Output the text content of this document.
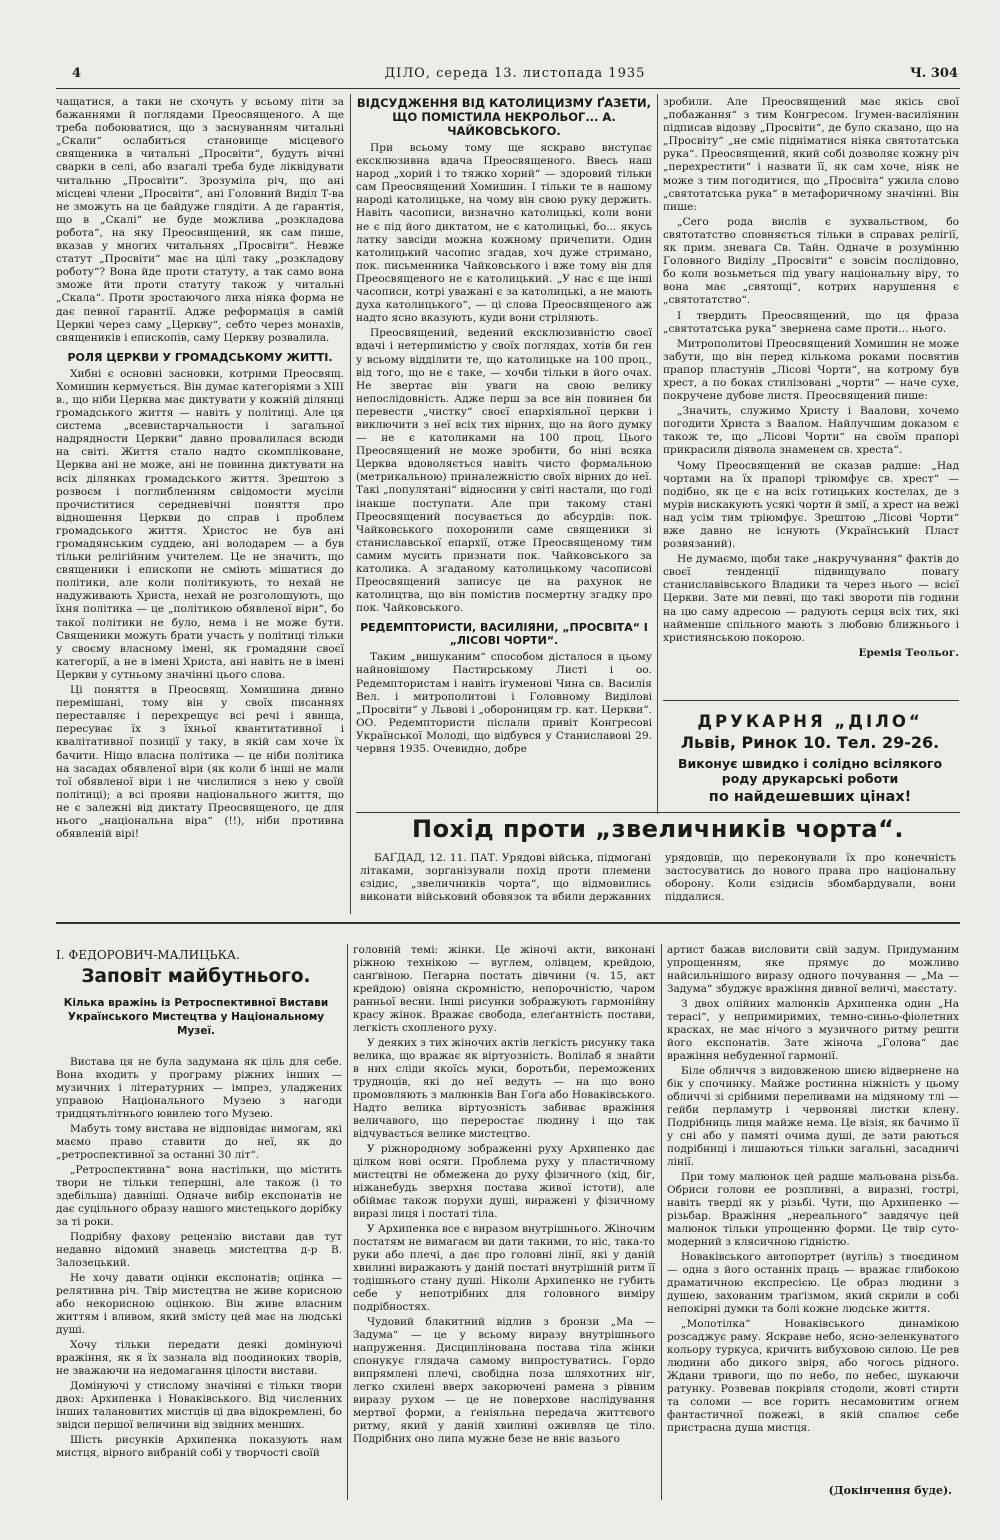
4	ДІЛО, середа 13. листопада 1935	Ч. 304

чащатися, а таки не схочуть у всьому піти за бажаннями й поглядами Преосвященого. А ще треба побоюватися, що з заснуванням читальні „Скали“ ослабиться становище місцевого священика в читальні „Просвіти“, будуть вічні сварки в селі, або взагалі треба буде ліквідувати читальню „Просвіти“. Зрозуміла річ, що ані місцеві члени „Просвіти“, ані Головний Виділ Т-ва не зможуть на це байдуже глядіти. А де ґарантія, що в „Скалі“ не буде можлива „розкладова робота“, на яку Преосвящений, як сам пише, вказав у многих читальнях „Просвіти“. Невже статут „Просвіти“ має на цілі таку „розкладову роботу“? Вона йде проти статуту, а так само вона зможе йти проти статуту також у читальні „Скала“. Проти зростаючого лиха ніяка форма не дає певної ґарантії. Адже реформація в самій Церкві через саму „Церкву“, себто через монахів, священиків і епископів, саму Церкву розвалила.

РОЛЯ ЦЕРКВИ У ГРОМАДСЬКОМУ ЖИТТІ.

Хибні є основні засновки, котрими Преосвящ. Хомишин кермується. Він думає категоріями з XIII в., що ніби Церква має диктувати у кожній ділянці громадського життя — навіть у політиці. Але ця система „всевистарчальности і загальної надрядности Церкви“ давно провалилася всюди на світі. Життя стало надто скомпліковане, Церква ані не може, ані не повинна диктувати на всіх ділянках громадського життя. Зрештою з розвоєм і поглибленням свідомости мусіли прочиститися середневічні поняття про відношення Церкви до справ і проблем громадського життя. Христос не був ані громадянським суддею, ані володарем — а був тільки релігійним учителем. Це не значить, що священики і епископи не сміють мішатися до політики, але коли політикують, то нехай не надуживають Христа, нехай не розголошують, що їхня політика — це „політикою обявленої віри“, бо такої політики не було, нема і не може бути. Священики можуть брати участь у політиці тільки у своєму власному імені, як громадяни своєї категорії, а не в імені Христа, ані навіть не в імені Церкви у сутньому значінні цього слова.

Ці поняття в Преосвящ. Хомишина дивно перемішані, тому він у своїх писаннях переставляє і перехрещує всі речі і явища, пересуває їх з їхньої квантитативної і квалітативної позиції у таку, в якій сам хоче їх бачити. Ніщо власна політика — це ніби політика на засадах обявленої віри (як коли б інші не мали тої обявленої віри і не числилися з нею у своїй політиці); а всі прояви національного життя, що не є залежні від диктату Преосвященого, це для нього „національна віра“ (!!), ніби противна обявленій вірі!

ВІДСУДЖЕННЯ ВІД КАТОЛИЦИЗМУ ҐАЗЕТИ, ЩО ПОМІСТИЛА НЕКРОЛЬОГ... А. ЧАЙКОВСЬКОГО.

При всьому тому ще яскраво виступає ексклюзивна вдача Преосвященого. Ввесь наш народ „хорий і то тяжко хорий“ — здоровий тільки сам Преосвящений Хомишин. І тільки те в нашому народі католицьке, на чому він свою руку держить. Навіть часописи, визначно католицькі, коли вони не є під його диктатом, не є католицькі, бо... якусь латку завсіди можна кожному причепити. Один католицький часопис згадав, хоч дуже стримано, пок. письменника Чайковського і вже тому він для Преосвященого не є католицький. „У нас є ще інші часописи, котрі уважані є за католицькі, а не мають духа католицького“, — ці слова Преосвященого аж надто ясно вказують, куди вони стріляють.

Преосвящений, ведений ексклюзивністю своєї вдачі і нетерпимістю у своїх поглядах, хотів би ген у всьому відділити те, що католицьке на 100 проц., від того, що не є таке, — хочби тільки в його очах. Не звертає він уваги на свою велику непослідовність. Адже перш за все він повинен би перевести „чистку“ своєї епархіяльної церкви і виключити з неї всіх тих вірних, що на його думку — не є католиками на 100 проц. Цього Преосвящений не може зробити, бо ніні всяка Церква вдоволяється навіть чисто формальною (метрикальною) приналежністю своїх вірних до неї. Такі „популятані“ відносини у світі настали, що годі інакше поступати. Але при такому стані Преосвящений посувається до абсурдів: пок. Чайковського похоронили саме священики зі станиславської епархії, отже Преосвященому тим самим мусить признати пок. Чайковського за католика. А згаданому католицькому часописові Преосвящений записує це на рахунок не католицтва, що він помістив посмертну згадку про пок. Чайковського.

РЕДЕМПТОРИСТИ, ВАСИЛІЯНИ, „ПРОСВІТА“ І „ЛІСОВІ ЧОРТИ“.

Таким „вишуканим“ способом дісталося в цьому найновішому Пастирському Листі і оо. Редемптористам і навіть ігуменові Чина св. Василія Вел. і митрополитові і Головному Виділові „Просвіти“ у Львові і „обороницям гр. кат. Церкви“. ОО. Редемптористи післали привіт Конгресові Української Молоді, що відбувся у Станиславові 29. червня 1935. Очевидно, добре

зробили. Але Преосвящений має якісь свої „побажання“ з тим Конгресом. Ігумен-василіянин підписав відозву „Просвіти“, де було сказано, що на „Просвіту“ „не сміє підніматися ніяка святотатська рука“. Преосвящений, який собі дозволяє кожну річ „перехрестити“ і назвати її, як сам хоче, ніяк не може з тим погодитися, що „Просвіта“ ужила слово „святотатська рука“ в метафоричному значінні. Він пише:

„Сего рода вислів є зухвальством, бо святотатство сповняється тільки в справах релігії, як прим. зневага Св. Тайн. Одначе в розумінню Головного Виділу „Просвіти“ є зовсім послідовно, бо коли возьметься під увагу національну віру, то вона має „святощі“, котрих нарушення є „святотатство“.

І твердить Преосвящений, що ця фраза „святотатська рука“ звернена саме проти... нього.

Митрополитові Преосвящений Хомишин не може забути, що він перед кількома роками посвятив прапор пластунів „Лісові Чорти“, на котрому був хрест, а по боках стилізовані „чорти“ — наче сухе, покручене дубове листя. Преосвящений пише:

„Значить, служимо Христу і Ваалови, хочемо погодити Христа з Ваалом. Найлучшим доказом є також те, що „Лісові Чорти“ на своїм прапорі прикрасили діявола знаменем св. хреста“.

Чому Преосвящений не сказав радше: „Над чортами на їх прапорі тріюмфує св. хрест“ — подібно, як це є на всіх готицьких костелах, де з мурів вискакують усякі чорти й змії, а хрест на вежі над усім тим тріюмфує. Зрештою „Лісові Чорти“ вже давно не існують (Український Пласт розвязаний).

Не думаємо, щоби таке „накручування“ фактів до своєї тенденції підвищувало повагу станиславівського Владики та через нього — всієї Церкви. Зате ми певні, що такі звороти пів години на цю саму адресою — радують серця всіх тих, які найменше спільного мають з любовю ближнього і християнською покорою.

Еремія Теольог.
ДРУКАРНЯ „ДІЛО“
Львів, Ринок 10. Тел. 29-26.
Виконує швидко і солідно всілякого роду друкарські роботи
по найдешевших цінах!
Похід проти „звеличників чорта“.

БАҐДАД, 12. 11. ПАТ. Урядові війська, підмогані літаками, зорганізували похід проти племени єзідис, „звеличників чорта“, що відмовились виконати військовий обовязок та вбили державних урядовців, що переконували їх про конечність застосуватись до нового права про національну оборону. Коли єзідисів збомбардували, вони піддалися.

І. ФЕДОРОВИЧ-МАЛИЦЬКА.
Заповіт майбутнього.
Кілька вражінь із Ретроспективної Вистави Українського Мистецтва у Національному Музеї.

Вистава ця не була задумана як ціль для себе. Вона входить у програму ріжних інших — музичних і літературних — імпрез, уладжених управою Національного Музею з нагоди тридцятьлітнього ювилею того Музею.

Мабуть тому вистава не відповідає вимогам, які маємо право ставити до неї, як до „ретроспективної за останні 30 літ“.

„Ретроспективна“ вона настільки, що містить твори не тільки тепершні, але також (і то здебільша) давніші. Одначе вибір експонатів не дає суцільного образу нашого мистецького дорібку за ті роки.

Подрібну фахову рецензію вистави дав тут недавно відомий знавець мистецтва д-р В. Залозецький.

Не хочу давати оцінки експонатів; оцінка — релятивна річ. Твір мистецтва не живе корисною або некорисною оцінкою. Він живе власним життям і вливом, який змісту цей має на людські душі.

Хочу тільки передати деякі домінуючі вражіння, як я їх зазнала від поодиноких творів, не зважаючи на недомагання цілости вистави.

Домінуючі у стислому значінні є тільки твори двох: Архипенка і Новаківського. Від численних інших талановитих мистців ці два відокремлені, бо звідси першої величини від звідних менших.

Шість рисунків Архипенка показують нам мистця, вірного вибраній собі у творчості своїй

головній темі: жінки. Це жіночі акти, виконані ріжною технікою — вуглем, олівцем, крейдою, санґвіною. Пегарна постать дівчини (ч. 15, акт крейдою) овіяна скромністю, непорочністю, чаром ранньої весни. Інші рисунки зображують гармонійну красу жінок. Вражає свобода, елеґантність постави, легкість схопленого руху.

У деяких з тих жіночих актів легкість рисунку така велика, що вражає як віртуозність. Волілаб я знайти в них сліди якоїсь муки, боротьби, переможених трудноців, які до неї ведуть — на що воно промовляють з малюнків Ван Гоґа або Новаківського. Надто велика віртуозність забиває вражіння величавого, що переростає людину і що так відчувається велике мистецтво.

У ріжнородному зображенні руху Архипенко дає цілком нові осяги. Проблема руху у пластичному мистецтві не обмежена до руху фізичного (хід, біг, ніжанебудь зверхня постава живої істоти), але обіймає також порухи душі, виражені у фізичному виразі лиця і постаті тіла.

У Архипенка все є виразом внутрішнього. Жіночим постатям не вимагаєм ви дати такими, то ніс, така-то руки або плечі, а дає про головні лінії, які у даній хвилині виражають у даній постаті внутрішній ритм її тодішнього стану душі. Ніколи Архипенко не губить себе у непотрібних для головного виміру подрібностях.

Чудовий блакитний відлив з бронзи „Ма — Задума“ — це у всьому виразу внутрішнього напруження. Дисциплінована постава тіла жінки спонукує глядача самому випростуватись. Гордо випрямлені плечі, свобідна поза шляхотних ніг, легко схилені вверх закорючені рамена з рівним виразу рухом — це не поверхове наслідування мертвої форми, а ґеніяльна передача життєвого ритму, який у даній хвилині оживляв це тіло. Подрібних оно липа мужне безе не вніє вазього

артист бажав висловити свій задум. Придуманим упрощенням, яке прямує до можливо найсильнішого виразу одного почування — „Ма — Задума“ збуджує вражіння дивної величі, маєстату.

З двох олійних малюнків Архипенка один „На терасі“, у непримиримих, темно-синьо-фіолетних красках, не має нічого з музичного ритму решти його експонатів. Зате жіноча „Голова“ дає вражіння небуденної гармонії.

Біле обличчя з видовженою шиєю відвернене на бік у спочинку. Майже ростинна ніжність у цьому обличчі зі срібними переливами на мідяному тлі — гейби перламутр і червоняві листки клену. Подрібниць лиця майже нема. Це візія, як бачимо її у сні або у памяті очима душі, де зати раються подрібниці і лишаються тільки загальні, засадничі лінії.

При тому малюнок цей радше мальована різьба. Обриси голови ее розпливні, а виразні, гострі, навіть тверді як у різьбі. Чути, що Архипенко — різьбар. Вражіння „нереального“ завдячує цей малюнок тільки упрощенню форми. Це твір суто-модерний з клясичною ґідністю.

Новаківського автопортрет (вугіль) з твоєдином — одна з його останніх праць — вражає глибокою драматичною експресією. Це образ людини з душею, захованим траґізмом, який скрили в собі непокірні думки та болі кожне людське життя.

„Молотілка“ Новаківського динамікою розсаджує раму. Яскраве небо, ясно-зеленкуватого кольору туркуса, кричить вибуховою силою. Це рев людини або дикого звіря, або чогось рідного. Ждани тривоги, що по небо, по небес, шукаючи ратунку. Розвевав покрівля стодоли, жовті стирти та соломи — все горить несамовитим огнем фантастичної пожежі, в якій спалює себе пристрасна душа мистця.

(Докінчення буде).
